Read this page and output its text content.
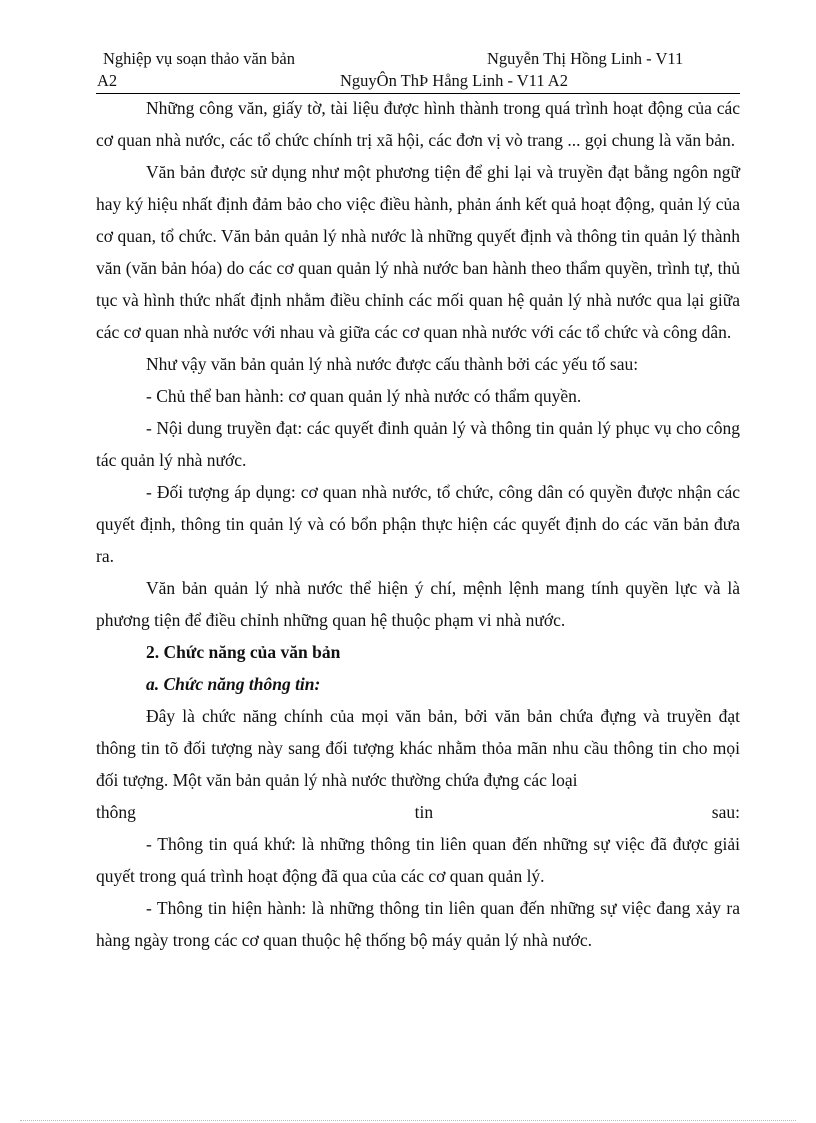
Nghiệp vụ soạn thảo văn bản	Nguyễn Thị Hồng Linh - V11
A2	NguyÔn ThÞ Hång Linh - V11 A2

Những công văn, giấy tờ, tài liệu được hình thành trong quá trình hoạt động của các cơ quan nhà nước, các tổ chức chính trị xã hội, các đơn vị vò trang ... gọi chung là văn bản.

Văn bản được sử dụng như một phương tiện để ghi lại và truyền đạt bằng ngôn ngữ hay ký hiệu nhất định đảm bảo cho việc điều hành, phản ánh kết quả hoạt động, quản lý của cơ quan, tổ chức. Văn bản quản lý nhà nước là những quyết định và thông tin quản lý thành văn (văn bản hóa) do các cơ quan quản lý nhà nước ban hành theo thẩm quyền, trình tự, thủ tục và hình thức nhất định nhằm điều chỉnh các mối quan hệ quản lý nhà nước qua lại giữa các cơ quan nhà nước với nhau và giữa các cơ quan nhà nước với các tổ chức và công dân.

Như vậy văn bản quản lý nhà nước được cấu thành bởi các yếu tố sau:

- Chủ thể ban hành: cơ quan quản lý nhà nước có thẩm quyền.

- Nội dung truyền đạt: các quyết đinh quản lý và thông tin quản lý phục vụ cho công tác quản lý nhà nước.

- Đối tượng áp dụng: cơ quan nhà nước, tổ chức, công dân có quyền được nhận các quyết định, thông tin quản lý và có bổn phận thực hiện các quyết định do các văn bản đưa ra.

Văn bản quản lý nhà nước thể hiện ý chí, mệnh lệnh mang tính quyền lực và là phương tiện để điều chỉnh những quan hệ thuộc phạm vi nhà nước.

2. Chức năng của văn bản

a. Chức năng thông tin:

Đây là chức năng chính của mọi văn bản, bởi văn bản chứa đựng và truyền đạt thông tin tõ đối tượng này sang đối tượng khác nhằm thỏa mãn nhu cầu thông tin cho mọi đối tượng. Một văn bản quản lý nhà nước thường chứa đựng các loại

thông	tin	sau:

- Thông tin quá khứ: là những thông tin liên quan đến những sự việc đã được giải quyết trong quá trình hoạt động đã qua của các cơ quan quản lý.

- Thông tin hiện hành: là những thông tin liên quan đến những sự việc đang xảy ra hàng ngày trong các cơ quan thuộc hệ thống bộ máy quản lý nhà nước.
